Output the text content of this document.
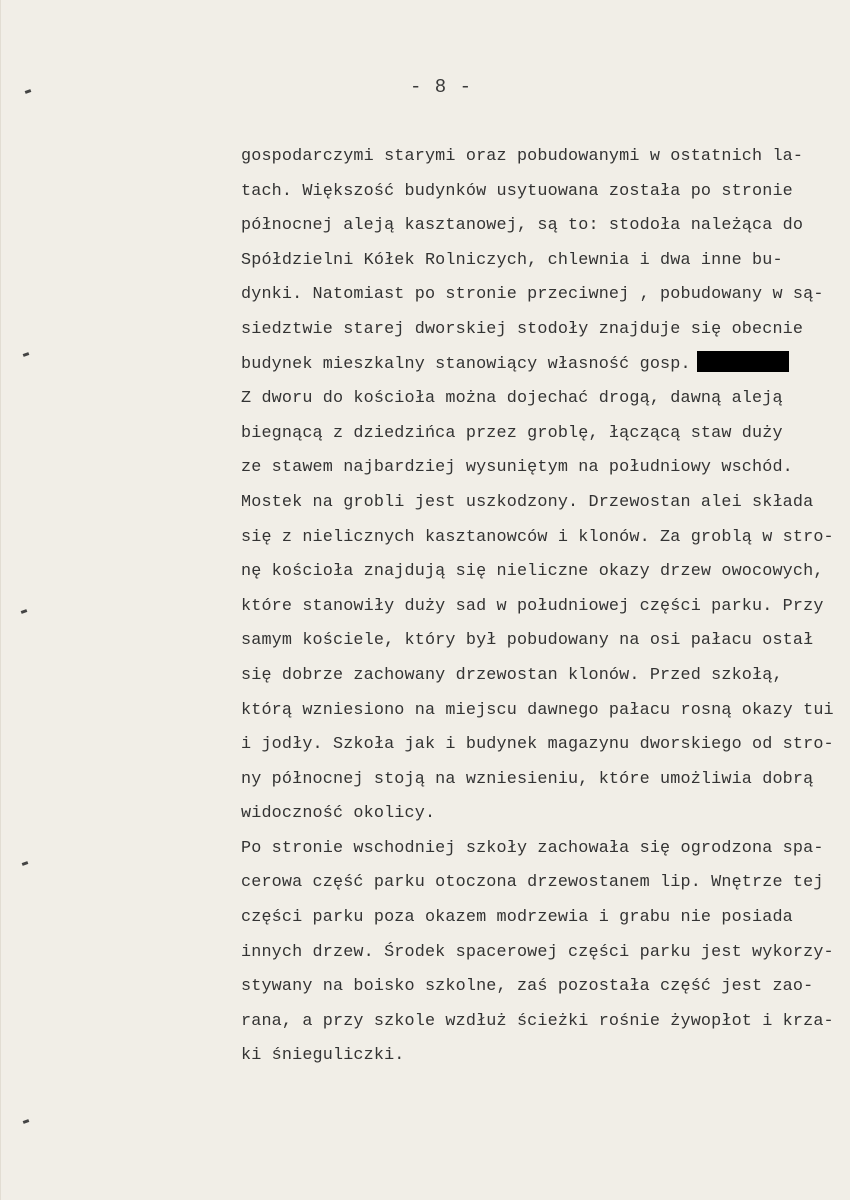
- 8 -
gospodarczymi starymi oraz pobudowanymi w ostatnich la-
tach. Większość budynków usytuowana została po stronie
północnej aleją kasztanowej, są to: stodoła należąca do
Spółdzielni Kółek Rolniczych, chlewnia i dwa inne bu-
dynki. Natomiast po stronie przeciwnej , pobudowany w są-
siedztwie starej dworskiej stodoły znajduje się obecnie
budynek mieszkalny stanowiący własność gosp.
Z dworu do kościoła można dojechać drogą, dawną aleją
biegnącą z dziedzińca przez groblę, łączącą staw duży
ze stawem najbardziej wysuniętym na południowy wschód.
Mostek na grobli jest uszkodzony. Drzewostan alei składa
się z nielicznych kasztanowców i klonów. Za groblą w stro-
nę kościoła znajdują się nieliczne okazy drzew owocowych,
które stanowiły duży sad w południowej części parku. Przy
samym kościele, który był pobudowany na osi pałacu ostał
się dobrze zachowany drzewostan klonów. Przed szkołą,
którą wzniesiono na miejscu dawnego pałacu rosną okazy tui
i jodły. Szkoła jak i budynek magazynu dworskiego od stro-
ny północnej stoją na wzniesieniu, które umożliwia dobrą
widoczność okolicy.
Po stronie wschodniej szkoły zachowała się ogrodzona spa-
cerowa część parku otoczona drzewostanem lip. Wnętrze tej
części parku poza okazem modrzewia i grabu nie posiada
innych drzew. Środek spacerowej części parku jest wykorzy-
stywany na boisko szkolne, zaś pozostała część jest zao-
rana, a przy szkole wzdłuż ścieżki rośnie żywopłot i krza-
ki śnieguliczki.
